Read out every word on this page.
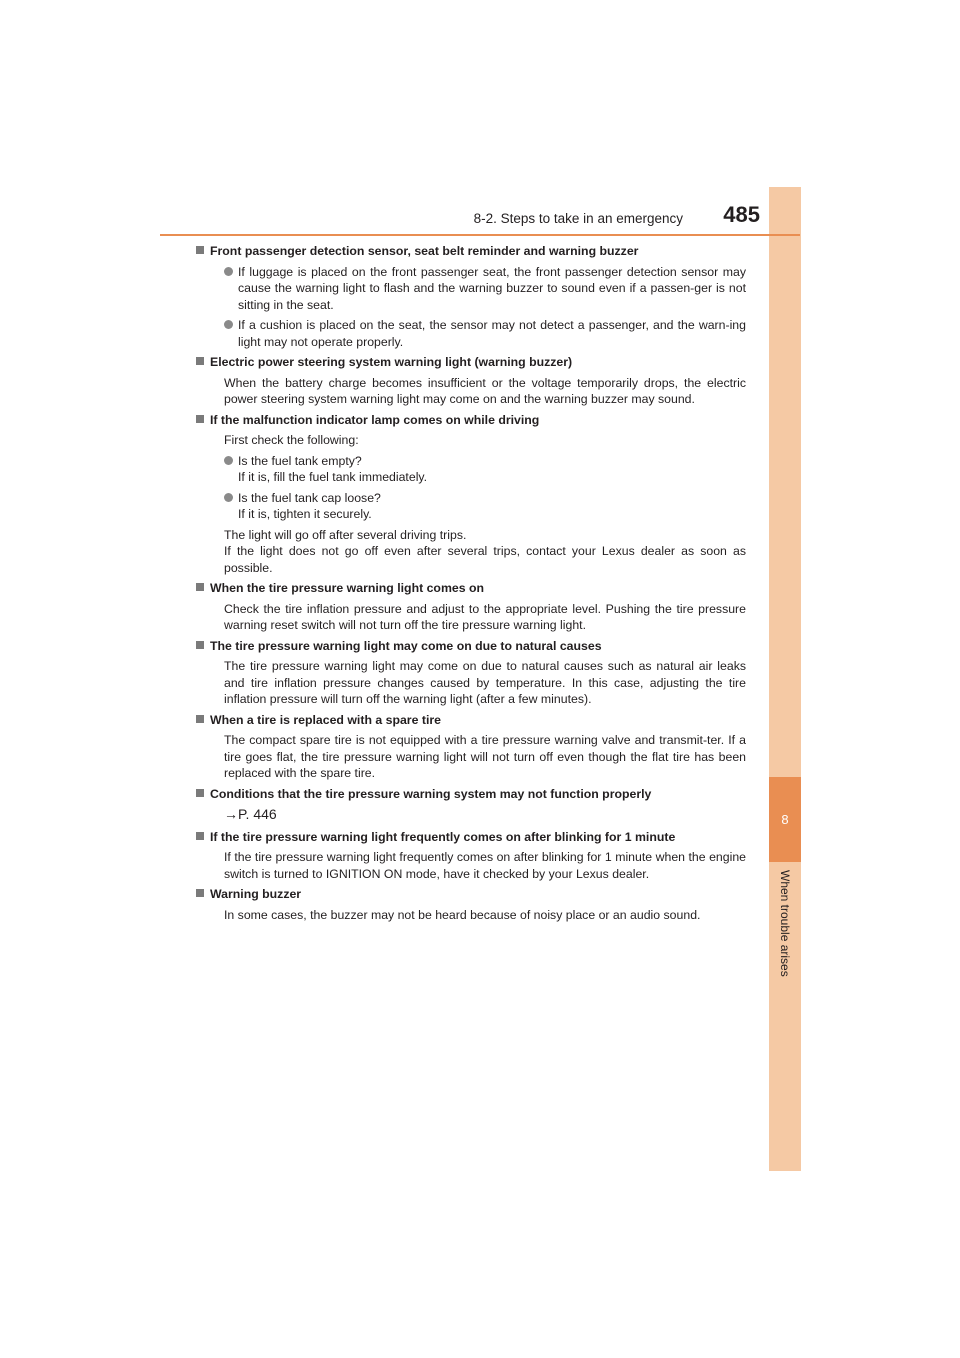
8
When trouble arises
8-2. Steps to take in an emergency 485
Front passenger detection sensor, seat belt reminder and warning buzzer
If luggage is placed on the front passenger seat, the front passenger detection sensor may cause the warning light to flash and the warning buzzer to sound even if a passen-ger is not sitting in the seat.
If a cushion is placed on the seat, the sensor may not detect a passenger, and the warn-ing light may not operate properly.
Electric power steering system warning light (warning buzzer)
When the battery charge becomes insufficient or the voltage temporarily drops, the electric power steering system warning light may come on and the warning buzzer may sound.
If the malfunction indicator lamp comes on while driving
First check the following:
Is the fuel tank empty?
If it is, fill the fuel tank immediately.
Is the fuel tank cap loose?
If it is, tighten it securely.
The light will go off after several driving trips.
If the light does not go off even after several trips, contact your Lexus dealer as soon as possible.
When the tire pressure warning light comes on
Check the tire inflation pressure and adjust to the appropriate level. Pushing the tire pressure warning reset switch will not turn off the tire pressure warning light.
The tire pressure warning light may come on due to natural causes
The tire pressure warning light may come on due to natural causes such as natural air leaks and tire inflation pressure changes caused by temperature. In this case, adjusting the tire inflation pressure will turn off the warning light (after a few minutes).
When a tire is replaced with a spare tire
The compact spare tire is not equipped with a tire pressure warning valve and transmit-ter. If a tire goes flat, the tire pressure warning light will not turn off even though the flat tire has been replaced with the spare tire.
Conditions that the tire pressure warning system may not function properly
→P. 446
If the tire pressure warning light frequently comes on after blinking for 1 minute
If the tire pressure warning light frequently comes on after blinking for 1 minute when the engine switch is turned to IGNITION ON mode, have it checked by your Lexus dealer.
Warning buzzer
In some cases, the buzzer may not be heard because of noisy place or an audio sound.
